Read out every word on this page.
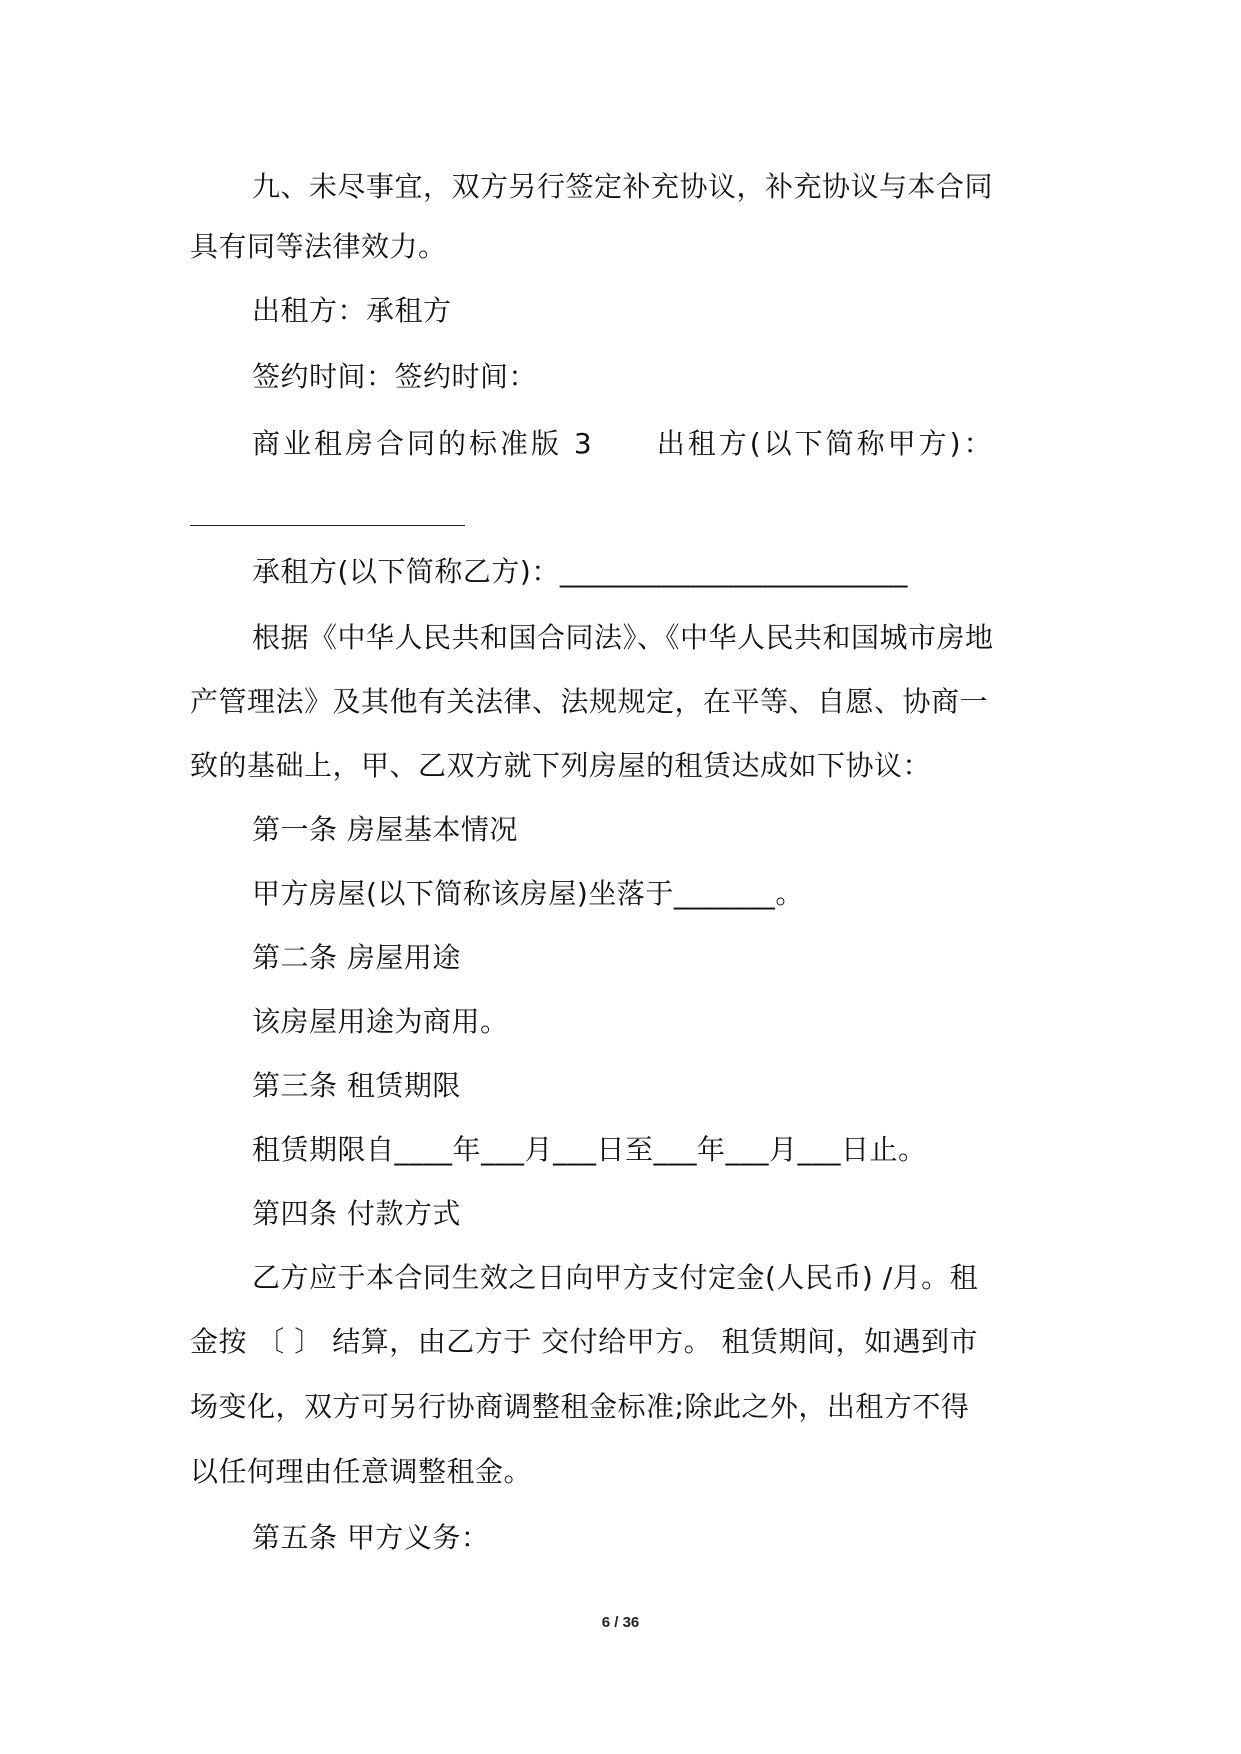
九、未尽事宜，双方另行签定补充协议，补充协议与本合同
具有同等法律效力。
出租方：承租方
签约时间：签约时间：
商业租房合同的标准版 3　　出租方(以下简称甲方)：
承租方(以下简称乙方)：________________________
根据《中华人民共和国合同法》、《中华人民共和国城市房地
产管理法》及其他有关法律、法规规定，在平等、自愿、协商一
致的基础上，甲、乙双方就下列房屋的租赁达成如下协议：
第一条 房屋基本情况
甲方房屋(以下简称该房屋)坐落于_______。
第二条 房屋用途
该房屋用途为商用。
第三条 租赁期限
租赁期限自____年___月___日至___年___月___日止。
第四条 付款方式
乙方应于本合同生效之日向甲方支付定金(人民币) /月。租
金按 〔 〕 结算，由乙方于 交付给甲方。 租赁期间，如遇到市
场变化，双方可另行协商调整租金标准;除此之外，出租方不得
以任何理由任意调整租金。
第五条 甲方义务：
6 / 36
